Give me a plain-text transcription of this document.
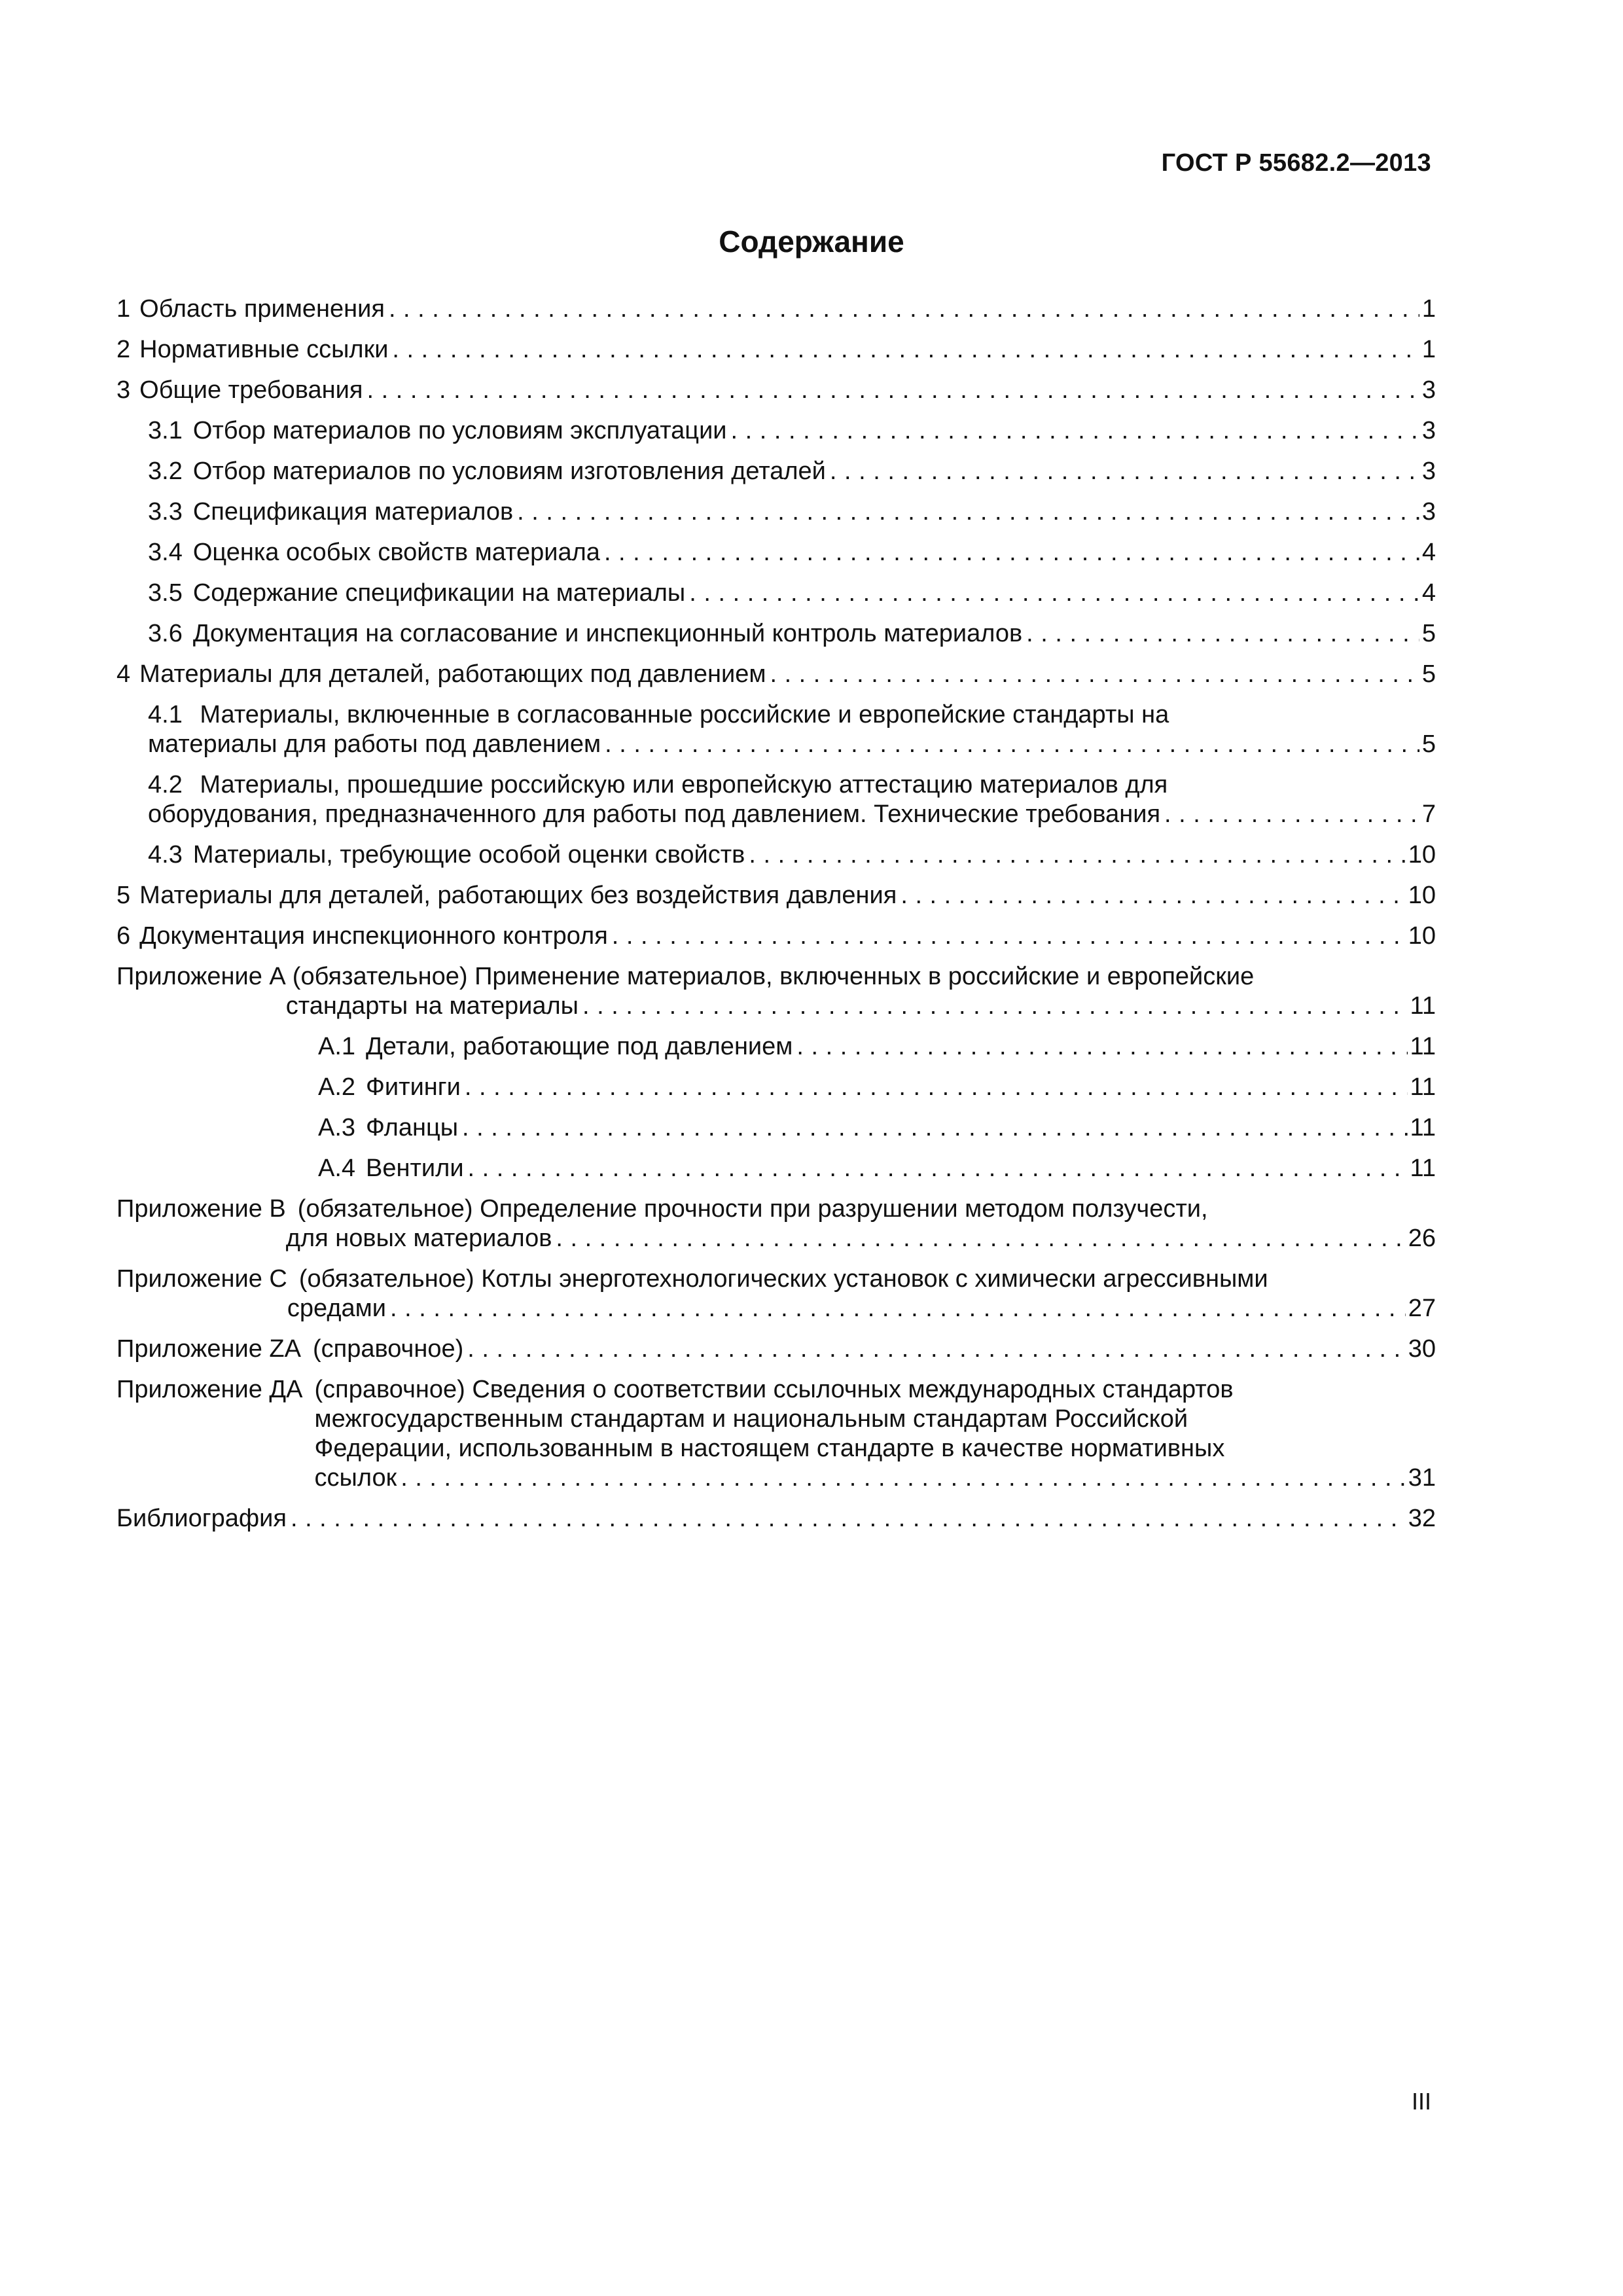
ГОСТ Р 55682.2—2013
Содержание
1 Область применения . . .	1
2 Нормативные ссылки . . .	1
3 Общие требования . . .	3
3.1 Отбор материалов по условиям эксплуатации . . .	3
3.2 Отбор материалов по условиям изготовления деталей . . .	3
3.3 Спецификация материалов . . .	3
3.4 Оценка особых свойств материала . . .	4
3.5 Содержание спецификации на материалы . . .	4
3.6 Документация на согласование и инспекционный контроль материалов . . .	5
4 Материалы для деталей, работающих под давлением . . .	5
4.1 Материалы, включенные в согласованные российские и европейские стандарты на
материалы для работы под давлением . . .	5
4.2 Материалы, прошедшие российскую или европейскую аттестацию материалов для
оборудования, предназначенного для работы под давлением. Технические требования . . .	7
4.3 Материалы, требующие особой оценки свойств . . .	10
5 Материалы для деталей, работающих без воздействия давления . . .	10
6 Документация инспекционного контроля . . .	10
Приложение А (обязательное) Применение материалов, включенных в российские и европейские
стандарты на материалы . . .	11
А.1 Детали, работающие под давлением . . .	11
А.2 Фитинги . . .	11
А.3 Фланцы . . .	11
А.4 Вентили . . .	11
Приложение В (обязательное) Определение прочности при разрушении методом ползучести,
для новых материалов . . .	26
Приложение С (обязательное) Котлы энерготехнологических установок с химически агрессивными
средами . . .	27
Приложение ZA (справочное) . . .	30
Приложение ДА (справочное) Сведения о соответствии ссылочных международных стандартов
межгосударственным стандартам и национальным стандартам Российской
Федерации, использованным в настоящем стандарте в качестве нормативных
ссылок . . .	31
Библиография . . .	32
III
